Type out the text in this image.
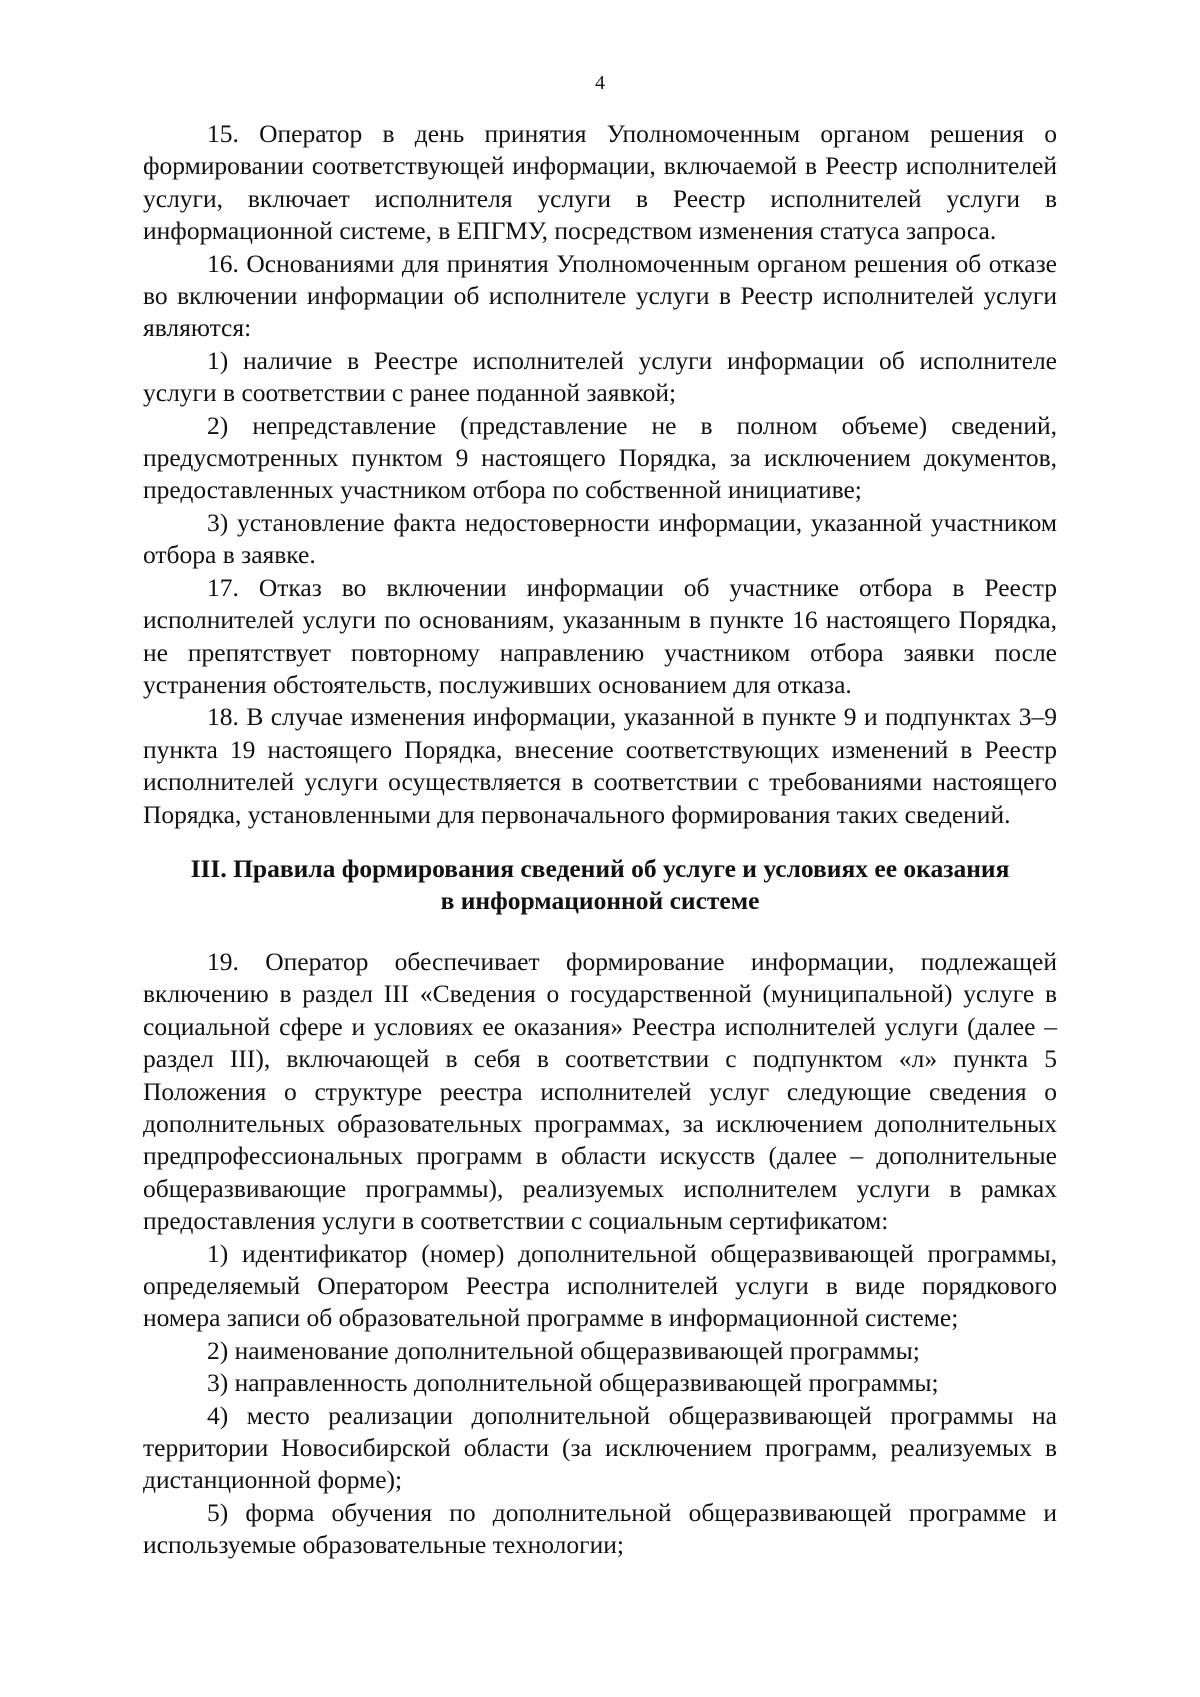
4

15. Оператор в день принятия Уполномоченным органом решения о формировании соответствующей информации, включаемой в Реестр исполнителей услуги, включает исполнителя услуги в Реестр исполнителей услуги в информационной системе, в ЕПГМУ, посредством изменения статуса запроса.

16. Основаниями для принятия Уполномоченным органом решения об отказе во включении информации об исполнителе услуги в Реестр исполнителей услуги являются:

1) наличие в Реестре исполнителей услуги информации об исполнителе услуги в соответствии с ранее поданной заявкой;

2) непредставление (представление не в полном объеме) сведений, предусмотренных пунктом 9 настоящего Порядка, за исключением документов, предоставленных участником отбора по собственной инициативе;

3) установление факта недостоверности информации, указанной участником отбора в заявке.

17. Отказ во включении информации об участнике отбора в Реестр исполнителей услуги по основаниям, указанным в пункте 16 настоящего Порядка, не препятствует повторному направлению участником отбора заявки после устранения обстоятельств, послуживших основанием для отказа.

18. В случае изменения информации, указанной в пункте 9 и подпунктах 3–9 пункта 19 настоящего Порядка, внесение соответствующих изменений в Реестр исполнителей услуги осуществляется в соответствии с требованиями настоящего Порядка, установленными для первоначального формирования таких сведений.

III. Правила формирования сведений об услуге и условиях ее оказания
в информационной системе

19. Оператор обеспечивает формирование информации, подлежащей включению в раздел III «Сведения о государственной (муниципальной) услуге в социальной сфере и условиях ее оказания» Реестра исполнителей услуги (далее – раздел III), включающей в себя в соответствии с подпунктом «л» пункта 5 Положения о структуре реестра исполнителей услуг следующие сведения о дополнительных образовательных программах, за исключением дополнительных предпрофессиональных программ в области искусств (далее – дополнительные общеразвивающие программы), реализуемых исполнителем услуги в рамках предоставления услуги в соответствии с социальным сертификатом:

1) идентификатор (номер) дополнительной общеразвивающей программы, определяемый Оператором Реестра исполнителей услуги в виде порядкового номера записи об образовательной программе в информационной системе;

2) наименование дополнительной общеразвивающей программы;

3) направленность дополнительной общеразвивающей программы;

4) место реализации дополнительной общеразвивающей программы на территории Новосибирской области (за исключением программ, реализуемых в дистанционной форме);

5) форма обучения по дополнительной общеразвивающей программе и используемые образовательные технологии;
